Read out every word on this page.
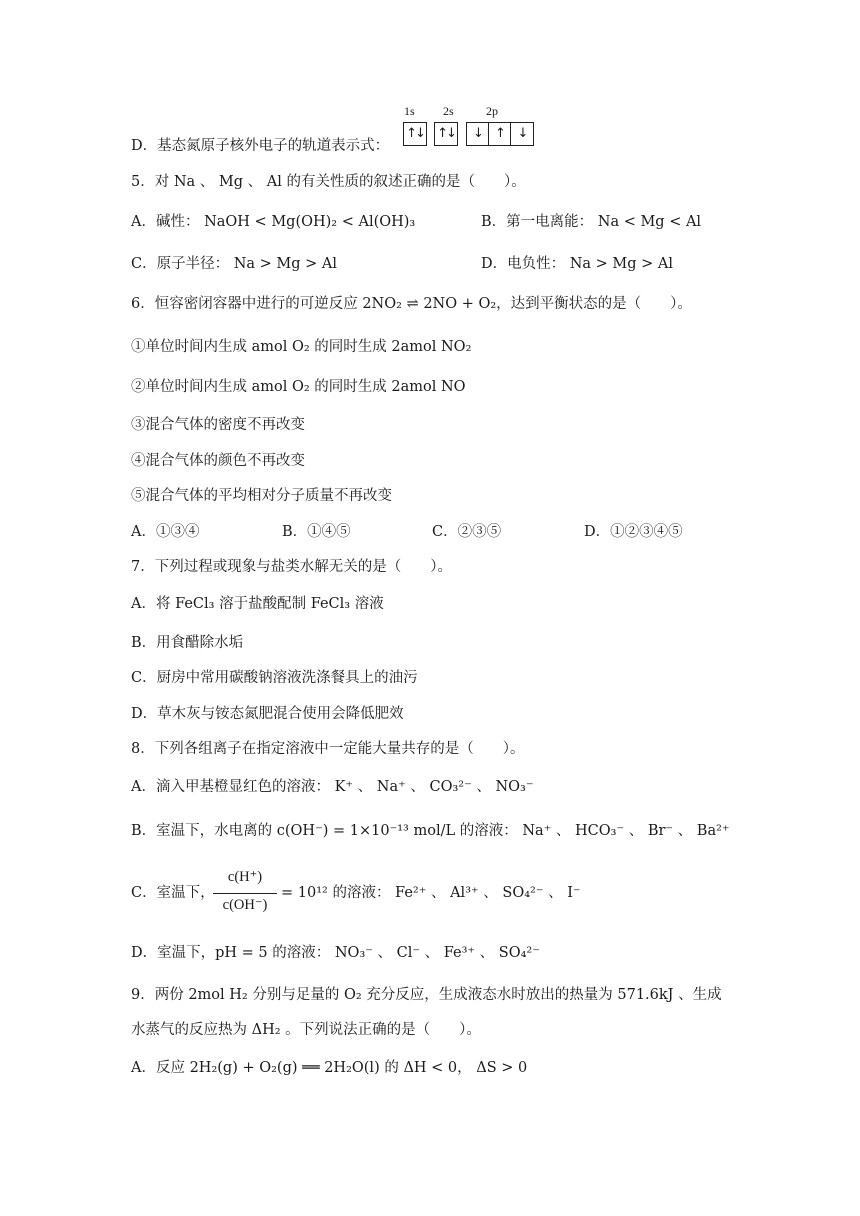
D．基态氮原子核外电子的轨道表示式：
1s 2s	2p
↑↓ ↑↓	↓	↑	↓
5．对 Na 、 Mg 、 Al 的有关性质的叙述正确的是（　　）。
A．碱性： NaOH < Mg(OH)₂ < Al(OH)₃	B．第一电离能： Na < Mg < Al
C．原子半径： Na > Mg > Al	D．电负性： Na > Mg > Al
6．恒容密闭容器中进行的可逆反应 2NO₂ ⇌ 2NO + O₂，达到平衡状态的是（　　）。
①单位时间内生成 amol O₂ 的同时生成 2amol NO₂
②单位时间内生成 amol O₂ 的同时生成 2amol NO
③混合气体的密度不再改变
④混合气体的颜色不再改变
⑤混合气体的平均相对分子质量不再改变
A．①③④	B．①④⑤	C．②③⑤	D．①②③④⑤
7．下列过程或现象与盐类水解无关的是（　　）。
A．将 FeCl₃ 溶于盐酸配制 FeCl₃ 溶液
B．用食醋除水垢
C．厨房中常用碳酸钠溶液洗涤餐具上的油污
D．草木灰与铵态氮肥混合使用会降低肥效
8．下列各组离子在指定溶液中一定能大量共存的是（　　）。
A．滴入甲基橙显红色的溶液： K⁺ 、 Na⁺ 、 CO₃²⁻ 、 NO₃⁻
B．室温下，水电离的 c(OH⁻) = 1×10⁻¹³ mol/L 的溶液： Na⁺ 、 HCO₃⁻ 、 Br⁻ 、 Ba²⁺
C．室温下，
c(H⁺)
c(OH⁻)
= 10¹² 的溶液： Fe²⁺ 、 Al³⁺ 、 SO₄²⁻ 、 I⁻
D．室温下，pH = 5 的溶液： NO₃⁻ 、 Cl⁻ 、 Fe³⁺ 、 SO₄²⁻
9．两份 2mol H₂ 分别与足量的 O₂ 充分反应，生成液态水时放出的热量为 571.6kJ 、生成
水蒸气的反应热为 ΔH₂ 。下列说法正确的是（　　）。
A．反应 2H₂(g) + O₂(g) ══ 2H₂O(l) 的 ΔH < 0， ΔS > 0
